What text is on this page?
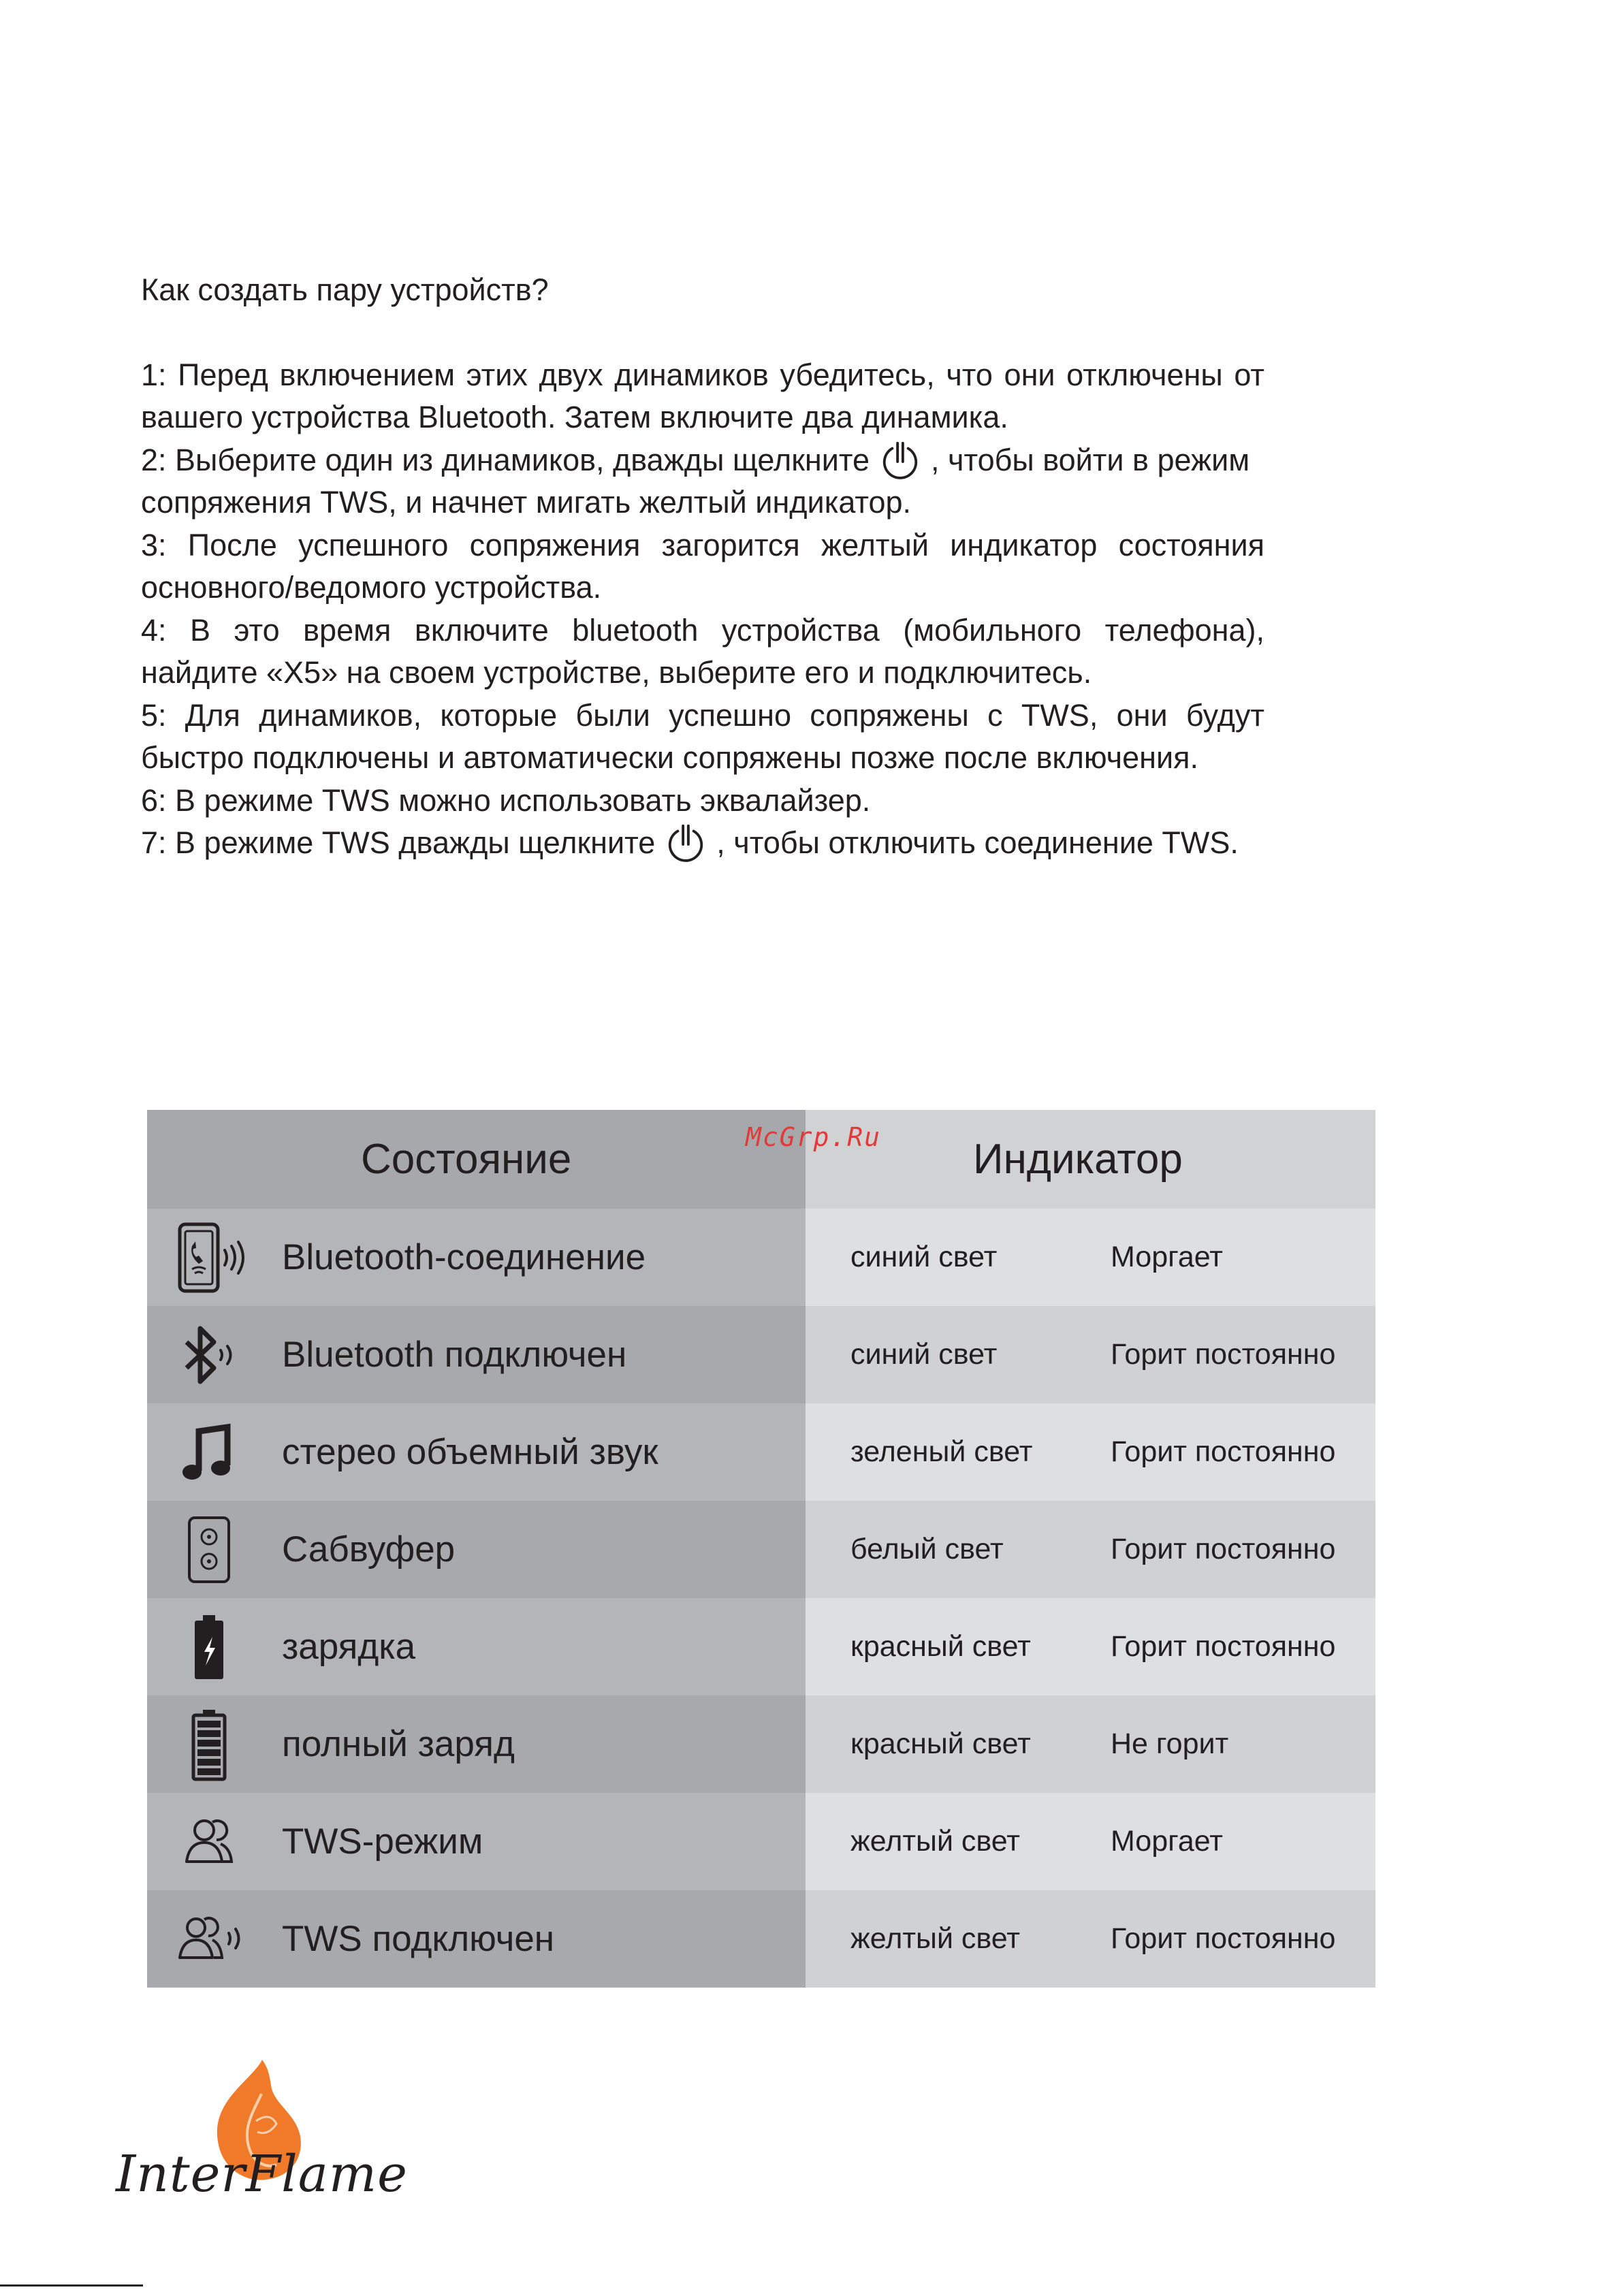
Как создать пару устройств?

1: Перед включением этих двух динамиков убедитесь, что они отключены от вашего устройства Bluetooth. Затем включите два динамика.

2: Выберите один из динамиков, дважды щелкните , чтобы войти в режим сопряжения TWS, и начнет мигать желтый индикатор.

3: После успешного сопряжения загорится желтый индикатор состояния основного/ведомого устройства.

4: В это время включите bluetooth устройства (мобильного телефона), найдите «X5» на своем устройстве, выберите его и подключитесь.

5: Для динамиков, которые были успешно сопряжены с TWS, они будут быстро подключены и автоматически сопряжены позже после включения.

6: В режиме TWS можно использовать эквалайзер.

7: В режиме TWS дважды щелкните , чтобы отключить соединение TWS.

Состояние	Индикатор	

Bluetooth-соединение	синий свет	Моргает

Bluetooth подключен	синий свет	Горит постоянно

стерео объемный звук	зеленый свет	Горит постоянно

Сабвуфер	белый свет	Горит постоянно

зарядка	красный свет	Горит постоянно

полный заряд	красный свет	Не горит

TWS-режим	желтый свет	Моргает

TWS подключен	желтый свет	Горит постоянно
McGrp.Ru
InterFlame
